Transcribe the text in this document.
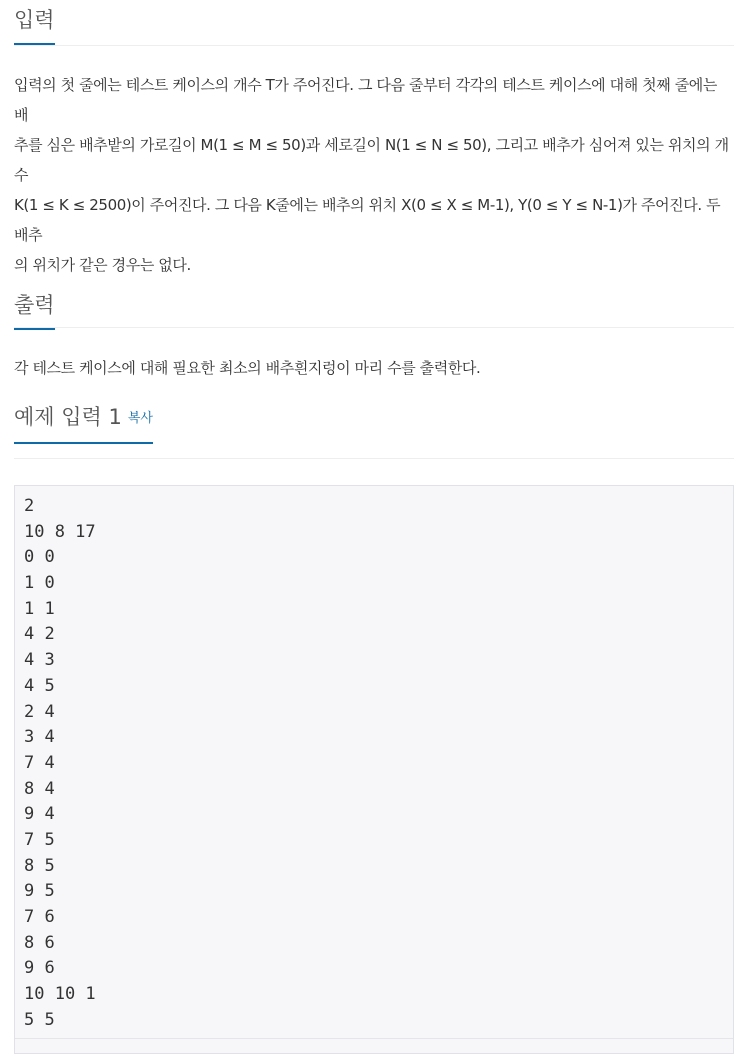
입력

입력의 첫 줄에는 테스트 케이스의 개수 T가 주어진다. 그 다음 줄부터 각각의 테스트 케이스에 대해 첫째 줄에는 배

추를 심은 배추밭의 가로길이 M(1 ≤ M ≤ 50)과 세로길이 N(1 ≤ N ≤ 50), 그리고 배추가 심어져 있는 위치의 개수

K(1 ≤ K ≤ 2500)이 주어진다. 그 다음 K줄에는 배추의 위치 X(0 ≤ X ≤ M-1), Y(0 ≤ Y ≤ N-1)가 주어진다. 두 배추

의 위치가 같은 경우는 없다.

출력

각 테스트 케이스에 대해 필요한 최소의 배추흰지렁이 마리 수를 출력한다.

예제 입력 1 복사
2
10 8 17
0 0
1 0
1 1
4 2
4 3
4 5
2 4
3 4
7 4
8 4
9 4
7 5
8 5
9 5
7 6
8 6
9 6
10 10 1
5 5
